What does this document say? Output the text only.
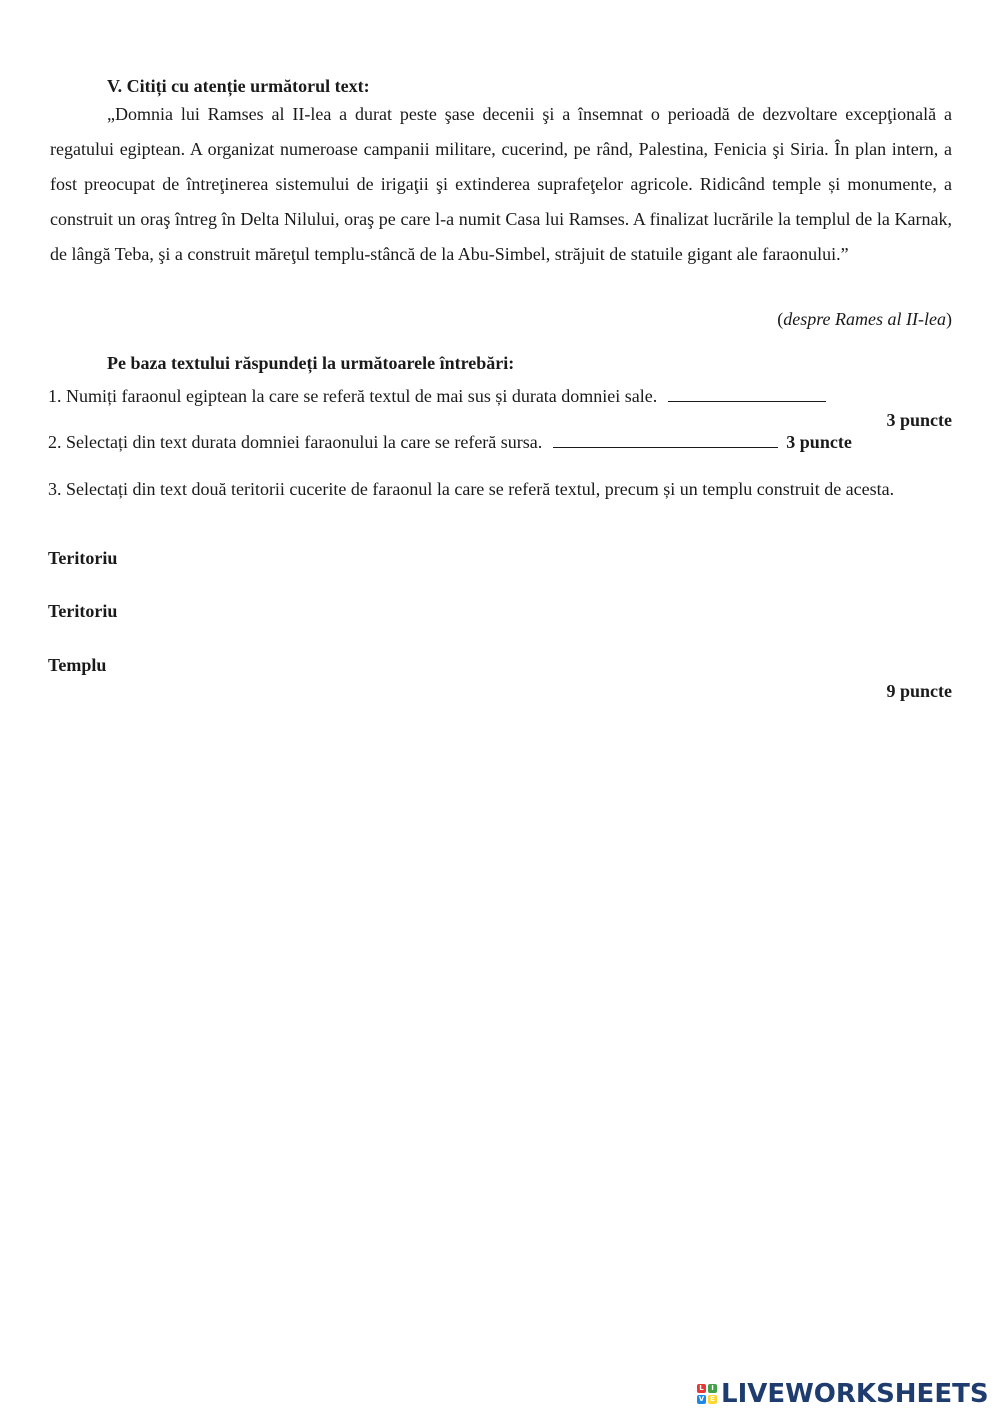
V. Citiți cu atenție următorul text:
„Domnia lui Ramses al II-lea a durat peste şase decenii şi a însemnat o perioadă de dezvoltare excepţională a regatului egiptean. A organizat numeroase campanii militare, cucerind, pe rând, Palestina, Fenicia şi Siria. În plan intern, a fost preocupat de întreţinerea sistemului de irigaţii şi extinderea suprafeţelor agricole. Ridicând temple și monumente, a construit un oraş întreg în Delta Nilului, oraş pe care l-a numit Casa lui Ramses. A finalizat lucrările la templul de la Karnak, de lângă Teba, şi a construit măreţul templu-stâncă de la Abu-Simbel, străjuit de statuile gigant ale faraonului.”
(despre Rames al II-lea)
Pe baza textului răspundeți la următoarele întrebări:
1. Numiți faraonul egiptean la care se referă textul de mai sus și durata domniei sale.
3 puncte
2. Selectați din text durata domniei faraonului la care se referă sursa.	3 puncte
3. Selectați din text două teritorii cucerite de faraonul la care se referă textul, precum și un templu construit de acesta.
Teritoriu
Teritoriu
Templu
9 puncte
L	I
V E LIVEWORKSHEETS
